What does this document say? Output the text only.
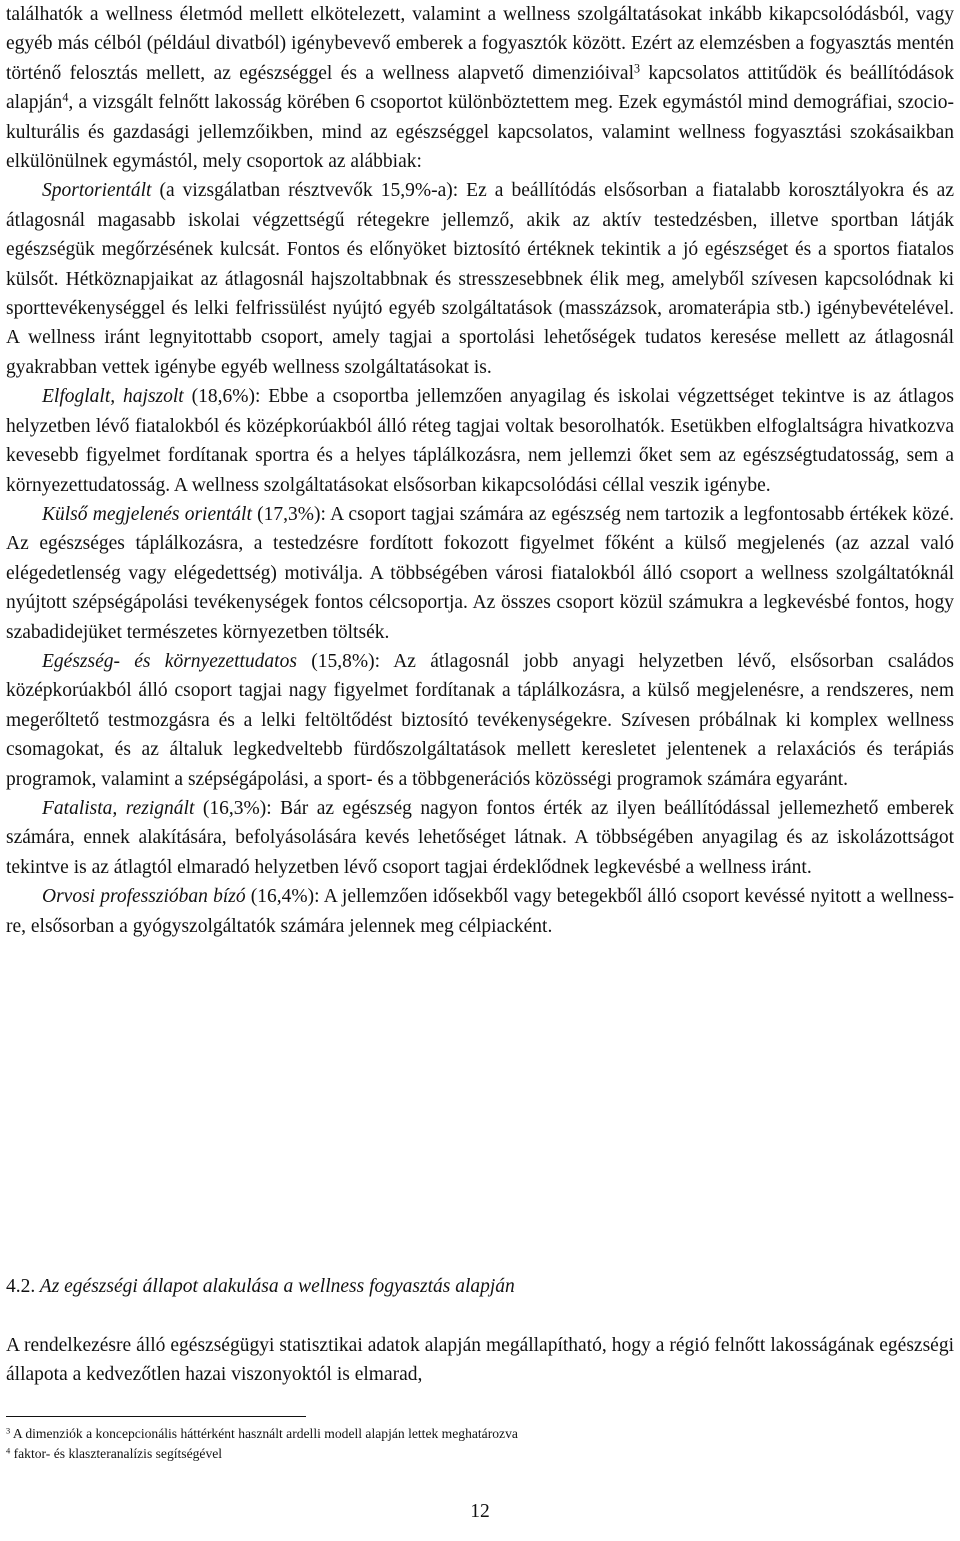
találhatók a wellness életmód mellett elkötelezett, valamint a wellness szolgáltatásokat inkább kikapcsolódásból, vagy egyéb más célból (például divatból) igénybevevő emberek a fogyasztók között. Ezért az elemzésben a fogyasztás mentén történő felosztás mellett, az egészséggel és a wellness alapvető dimenzióival$^3$ kapcsolatos attitűdök és beállítódások alapján$^4$, a vizsgált felnőtt lakosság körében 6 csoportot különböztettem meg. Ezek egymástól mind demográfiai, szocio-kulturális és gazdasági jellemzőikben, mind az egészséggel kapcsolatos, valamint wellness fogyasztási szokásaikban elkülönülnek egymástól, mely csoportok az alábbiak:

Sportorientált (a vizsgálatban résztvevők 15,9%-a): Ez a beállítódás elsősorban a fiatalabb korosztályokra és az átlagosnál magasabb iskolai végzettségű rétegekre jellemző, akik az aktív testedzésben, illetve sportban látják egészségük megőrzésének kulcsát. Fontos és előnyöket biztosító értéknek tekintik a jó egészséget és a sportos fiatalos külsőt. Hétköznapjaikat az átlagosnál hajszoltabbnak és stresszesebbnek élik meg, amelyből szívesen kapcsolódnak ki sporttevékenységgel és lelki felfrissülést nyújtó egyéb szolgáltatások (masszázsok, aromaterápia stb.) igénybevételével. A wellness iránt legnyitottabb csoport, amely tagjai a sportolási lehetőségek tudatos keresése mellett az átlagosnál gyakrabban vettek igénybe egyéb wellness szolgáltatásokat is.

Elfoglalt, hajszolt (18,6%): Ebbe a csoportba jellemzően anyagilag és iskolai végzettséget tekintve is az átlagos helyzetben lévő fiatalokból és középkorúakból álló réteg tagjai voltak besorolhatók. Esetükben elfoglaltságra hivatkozva kevesebb figyelmet fordítanak sportra és a helyes táplálkozásra, nem jellemzi őket sem az egészségtudatosság, sem a környezettudatosság. A wellness szolgáltatásokat elsősorban kikapcsolódási céllal veszik igénybe.

Külső megjelenés orientált (17,3%): A csoport tagjai számára az egészség nem tartozik a legfontosabb értékek közé. Az egészséges táplálkozásra, a testedzésre fordított fokozott figyelmet főként a külső megjelenés (az azzal való elégedetlenség vagy elégedettség) motiválja. A többségében városi fiatalokból álló csoport a wellness szolgáltatóknál nyújtott szépségápolási tevékenységek fontos célcsoportja. Az összes csoport közül számukra a legkevésbé fontos, hogy szabadidejüket természetes környezetben töltsék.

Egészség- és környezettudatos (15,8%): Az átlagosnál jobb anyagi helyzetben lévő, elsősorban családos középkorúakból álló csoport tagjai nagy figyelmet fordítanak a táplálkozásra, a külső megjelenésre, a rendszeres, nem megerőltető testmozgásra és a lelki feltöltődést biztosító tevékenységekre. Szívesen próbálnak ki komplex wellness csomagokat, és az általuk legkedveltebb fürdőszolgáltatások mellett keresletet jelentenek a relaxációs és terápiás programok, valamint a szépségápolási, a sport- és a többgenerációs közösségi programok számára egyaránt.

Fatalista, rezignált (16,3%): Bár az egészség nagyon fontos érték az ilyen beállítódással jellemezhető emberek számára, ennek alakítására, befolyásolására kevés lehetőséget látnak. A többségében anyagilag és az iskolázottságot tekintve is az átlagtól elmaradó helyzetben lévő csoport tagjai érdeklődnek legkevésbé a wellness iránt.

Orvosi professzióban bízó (16,4%): A jellemzően idősekből vagy betegekből álló csoport kevéssé nyitott a wellness-re, elsősorban a gyógyszolgáltatók számára jelennek meg célpiacként.

4.2. Az egészségi állapot alakulása a wellness fogyasztás alapján

A rendelkezésre álló egészségügyi statisztikai adatok alapján megállapítható, hogy a régió felnőtt lakosságának egészségi állapota a kedvezőtlen hazai viszonyoktól is elmarad,

$^3$ A dimenziók a koncepcionális háttérként használt ardelli modell alapján lettek meghatározva

$^4$ faktor- és klaszteranalízis segítségével

12
